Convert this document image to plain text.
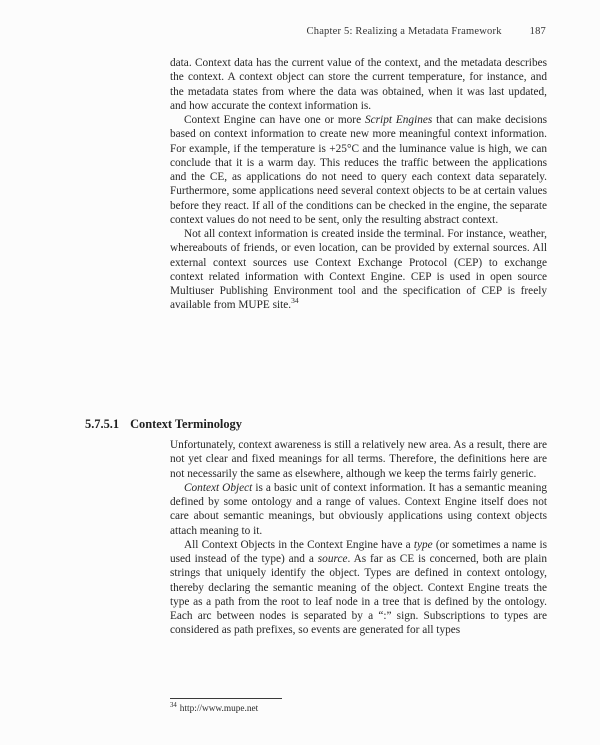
Chapter 5: Realizing a Metadata Framework	187

data. Context data has the current value of the context, and the metadata describes the context. A context object can store the current temperature, for instance, and the metadata states from where the data was obtained, when it was last updated, and how accurate the context information is.

Context Engine can have one or more Script Engines that can make decisions based on context information to create new more meaningful context information. For example, if the temperature is +25°C and the luminance value is high, we can conclude that it is a warm day. This reduces the traffic between the applications and the CE, as applications do not need to query each context data separately. Furthermore, some applications need several context objects to be at certain values before they react. If all of the conditions can be checked in the engine, the separate context values do not need to be sent, only the resulting abstract context.

Not all context information is created inside the terminal. For instance, weather, whereabouts of friends, or even location, can be provided by external sources. All external context sources use Context Exchange Protocol (CEP) to exchange context related information with Context Engine. CEP is used in open source Multiuser Publishing Environment tool and the specification of CEP is freely available from MUPE site.$^{34}$

5.7.5.1 Context Terminology

Unfortunately, context awareness is still a relatively new area. As a result, there are not yet clear and fixed meanings for all terms. Therefore, the definitions here are not necessarily the same as elsewhere, although we keep the terms fairly generic.

Context Object is a basic unit of context information. It has a semantic meaning defined by some ontology and a range of values. Context Engine itself does not care about semantic meanings, but obviously applications using context objects attach meaning to it.

All Context Objects in the Context Engine have a type (or sometimes a name is used instead of the type) and a source. As far as CE is concerned, both are plain strings that uniquely identify the object. Types are defined in context ontology, thereby declaring the semantic meaning of the object. Context Engine treats the type as a path from the root to leaf node in a tree that is defined by the ontology. Each arc between nodes is separated by a “:” sign. Subscriptions to types are considered as path prefixes, so events are generated for all types

$^{34}$ http://www.mupe.net
